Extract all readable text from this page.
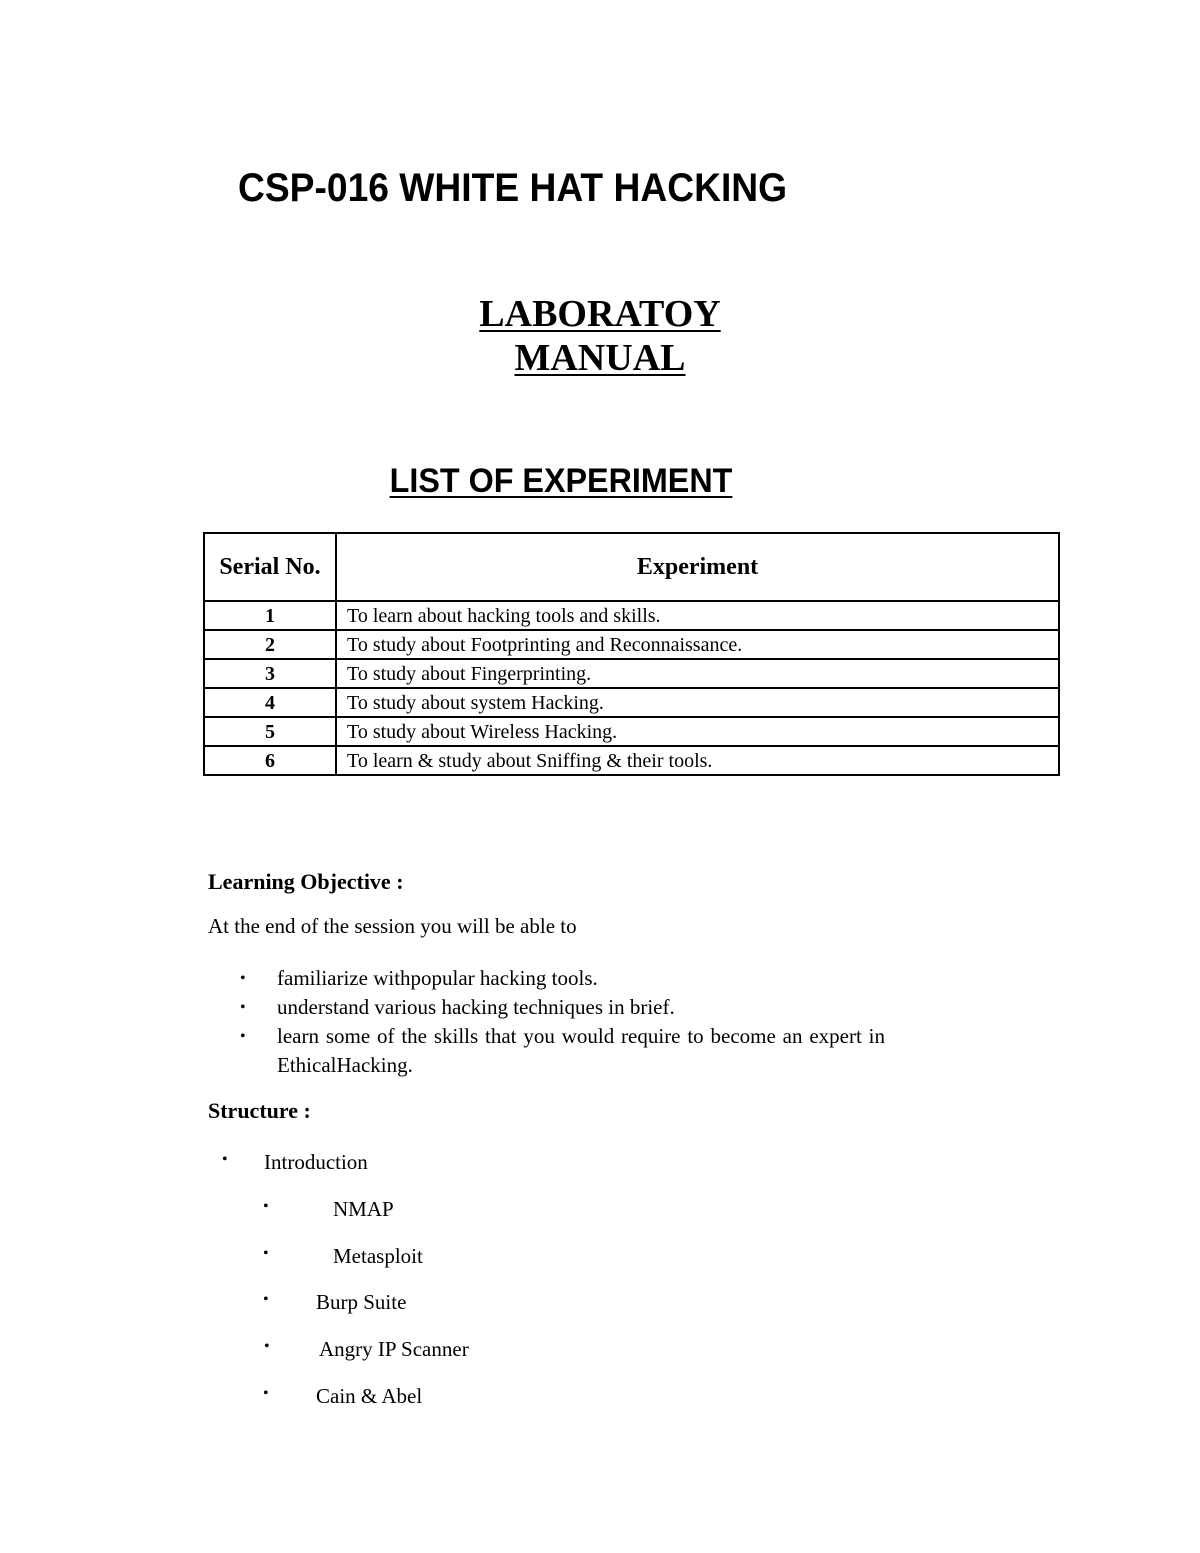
CSP-016 WHITE HAT HACKING
LABORATOY
MANUAL
LIST OF EXPERIMENT
Serial No.	Experiment
1	To learn about hacking tools and skills.
2	To study about Footprinting and Reconnaissance.
3	To study about Fingerprinting.
4	To study about system Hacking.
5	To study about Wireless Hacking.
6	To learn & study about Sniffing & their tools.
Learning Objective :
At the end of the session you will be able to
• familiarize withpopular hacking tools.
• understand various hacking techniques in brief.
• learn some of the skills that you would require to become an expert in EthicalHacking.
Structure :
• Introduction
•	NMAP
•	Metasploit
• Burp Suite
• Angry IP Scanner
• Cain & Abel
